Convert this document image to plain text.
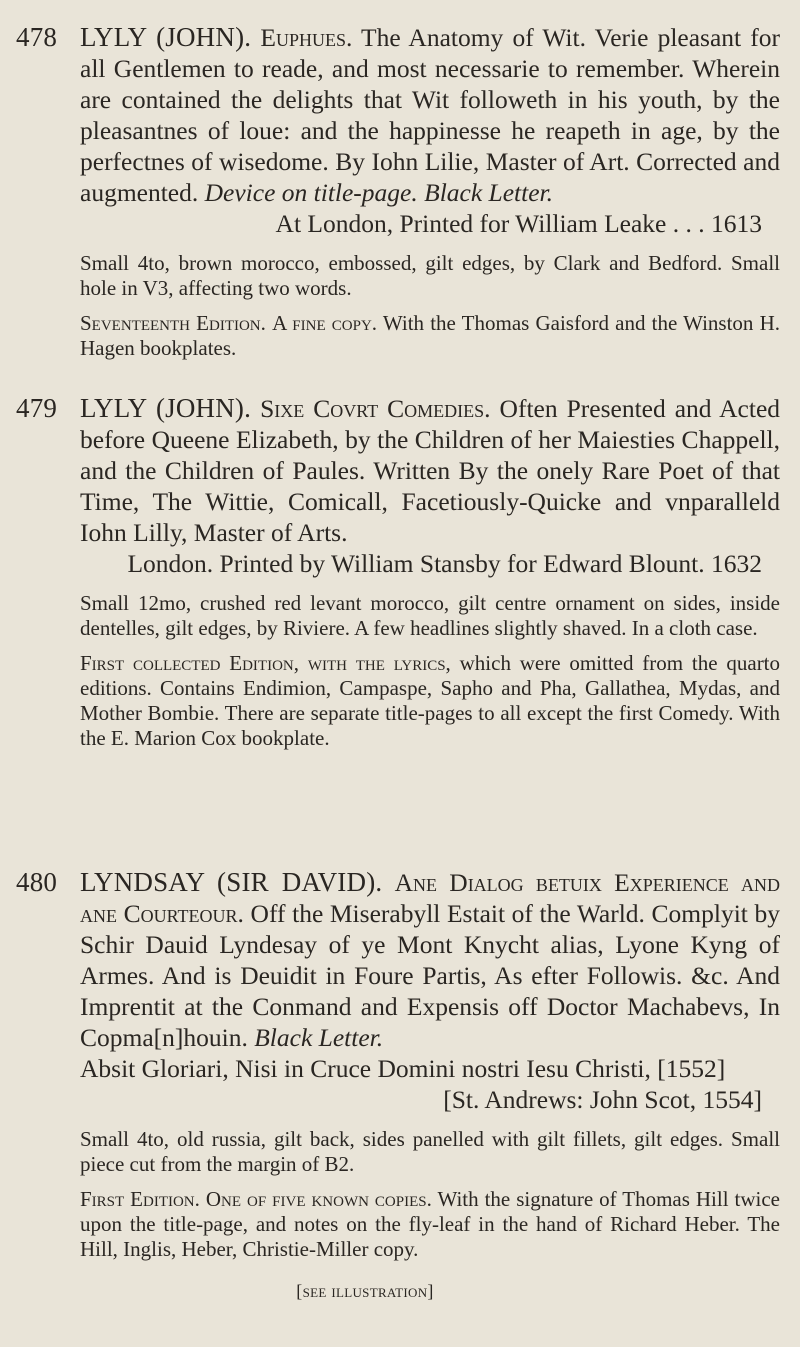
478 LYLY (JOHN). Euphues. The Anatomy of Wit. Verie pleasant for all Gentlemen to reade, and most necessarie to remember. Wherein are contained the delights that Wit followeth in his youth, by the pleasantnes of loue: and the happinesse he reapeth in age, by the perfectnes of wisedome. By Iohn Lilie, Master of Art. Corrected and augmented. Device on title-page. Black Letter.

At London, Printed for William Leake . . . 1613

Small 4to, brown morocco, embossed, gilt edges, by Clark and Bedford. Small hole in V3, affecting two words.

Seventeenth Edition. A fine copy. With the Thomas Gaisford and the Winston H. Hagen bookplates.

479 LYLY (JOHN). Sixe Covrt Comedies. Often Presented and Acted before Queene Elizabeth, by the Children of her Maiesties Chappell, and the Children of Paules. Written By the onely Rare Poet of that Time, The Wittie, Comicall, Facetiously-Quicke and vnparalleld Iohn Lilly, Master of Arts.

London. Printed by William Stansby for Edward Blount. 1632

Small 12mo, crushed red levant morocco, gilt centre ornament on sides, inside dentelles, gilt edges, by Riviere. A few headlines slightly shaved. In a cloth case.

First collected Edition, with the lyrics, which were omitted from the quarto editions. Contains Endimion, Campaspe, Sapho and Pha, Gallathea, Mydas, and Mother Bombie. There are separate title-pages to all except the first Comedy. With the E. Marion Cox bookplate.

480 LYNDSAY (SIR DAVID). Ane Dialog betuix Experience and ane Courteour. Off the Miserabyll Estait of the Warld. Complyit by Schir Dauid Lyndesay of ye Mont Knycht alias, Lyone Kyng of Armes. And is Deuidit in Foure Partis, As efter Followis. &c. And Imprentit at the Conmand and Expensis off Doctor Machabevs, In Copma[n]houin. Black Letter.

Absit Gloriari, Nisi in Cruce Domini nostri Iesu Christi, [1552]

[St. Andrews: John Scot, 1554]

Small 4to, old russia, gilt back, sides panelled with gilt fillets, gilt edges. Small piece cut from the margin of B2.

First Edition. One of five known copies. With the signature of Thomas Hill twice upon the title-page, and notes on the fly-leaf in the hand of Richard Heber. The Hill, Inglis, Heber, Christie-Miller copy.

[see illustration]
